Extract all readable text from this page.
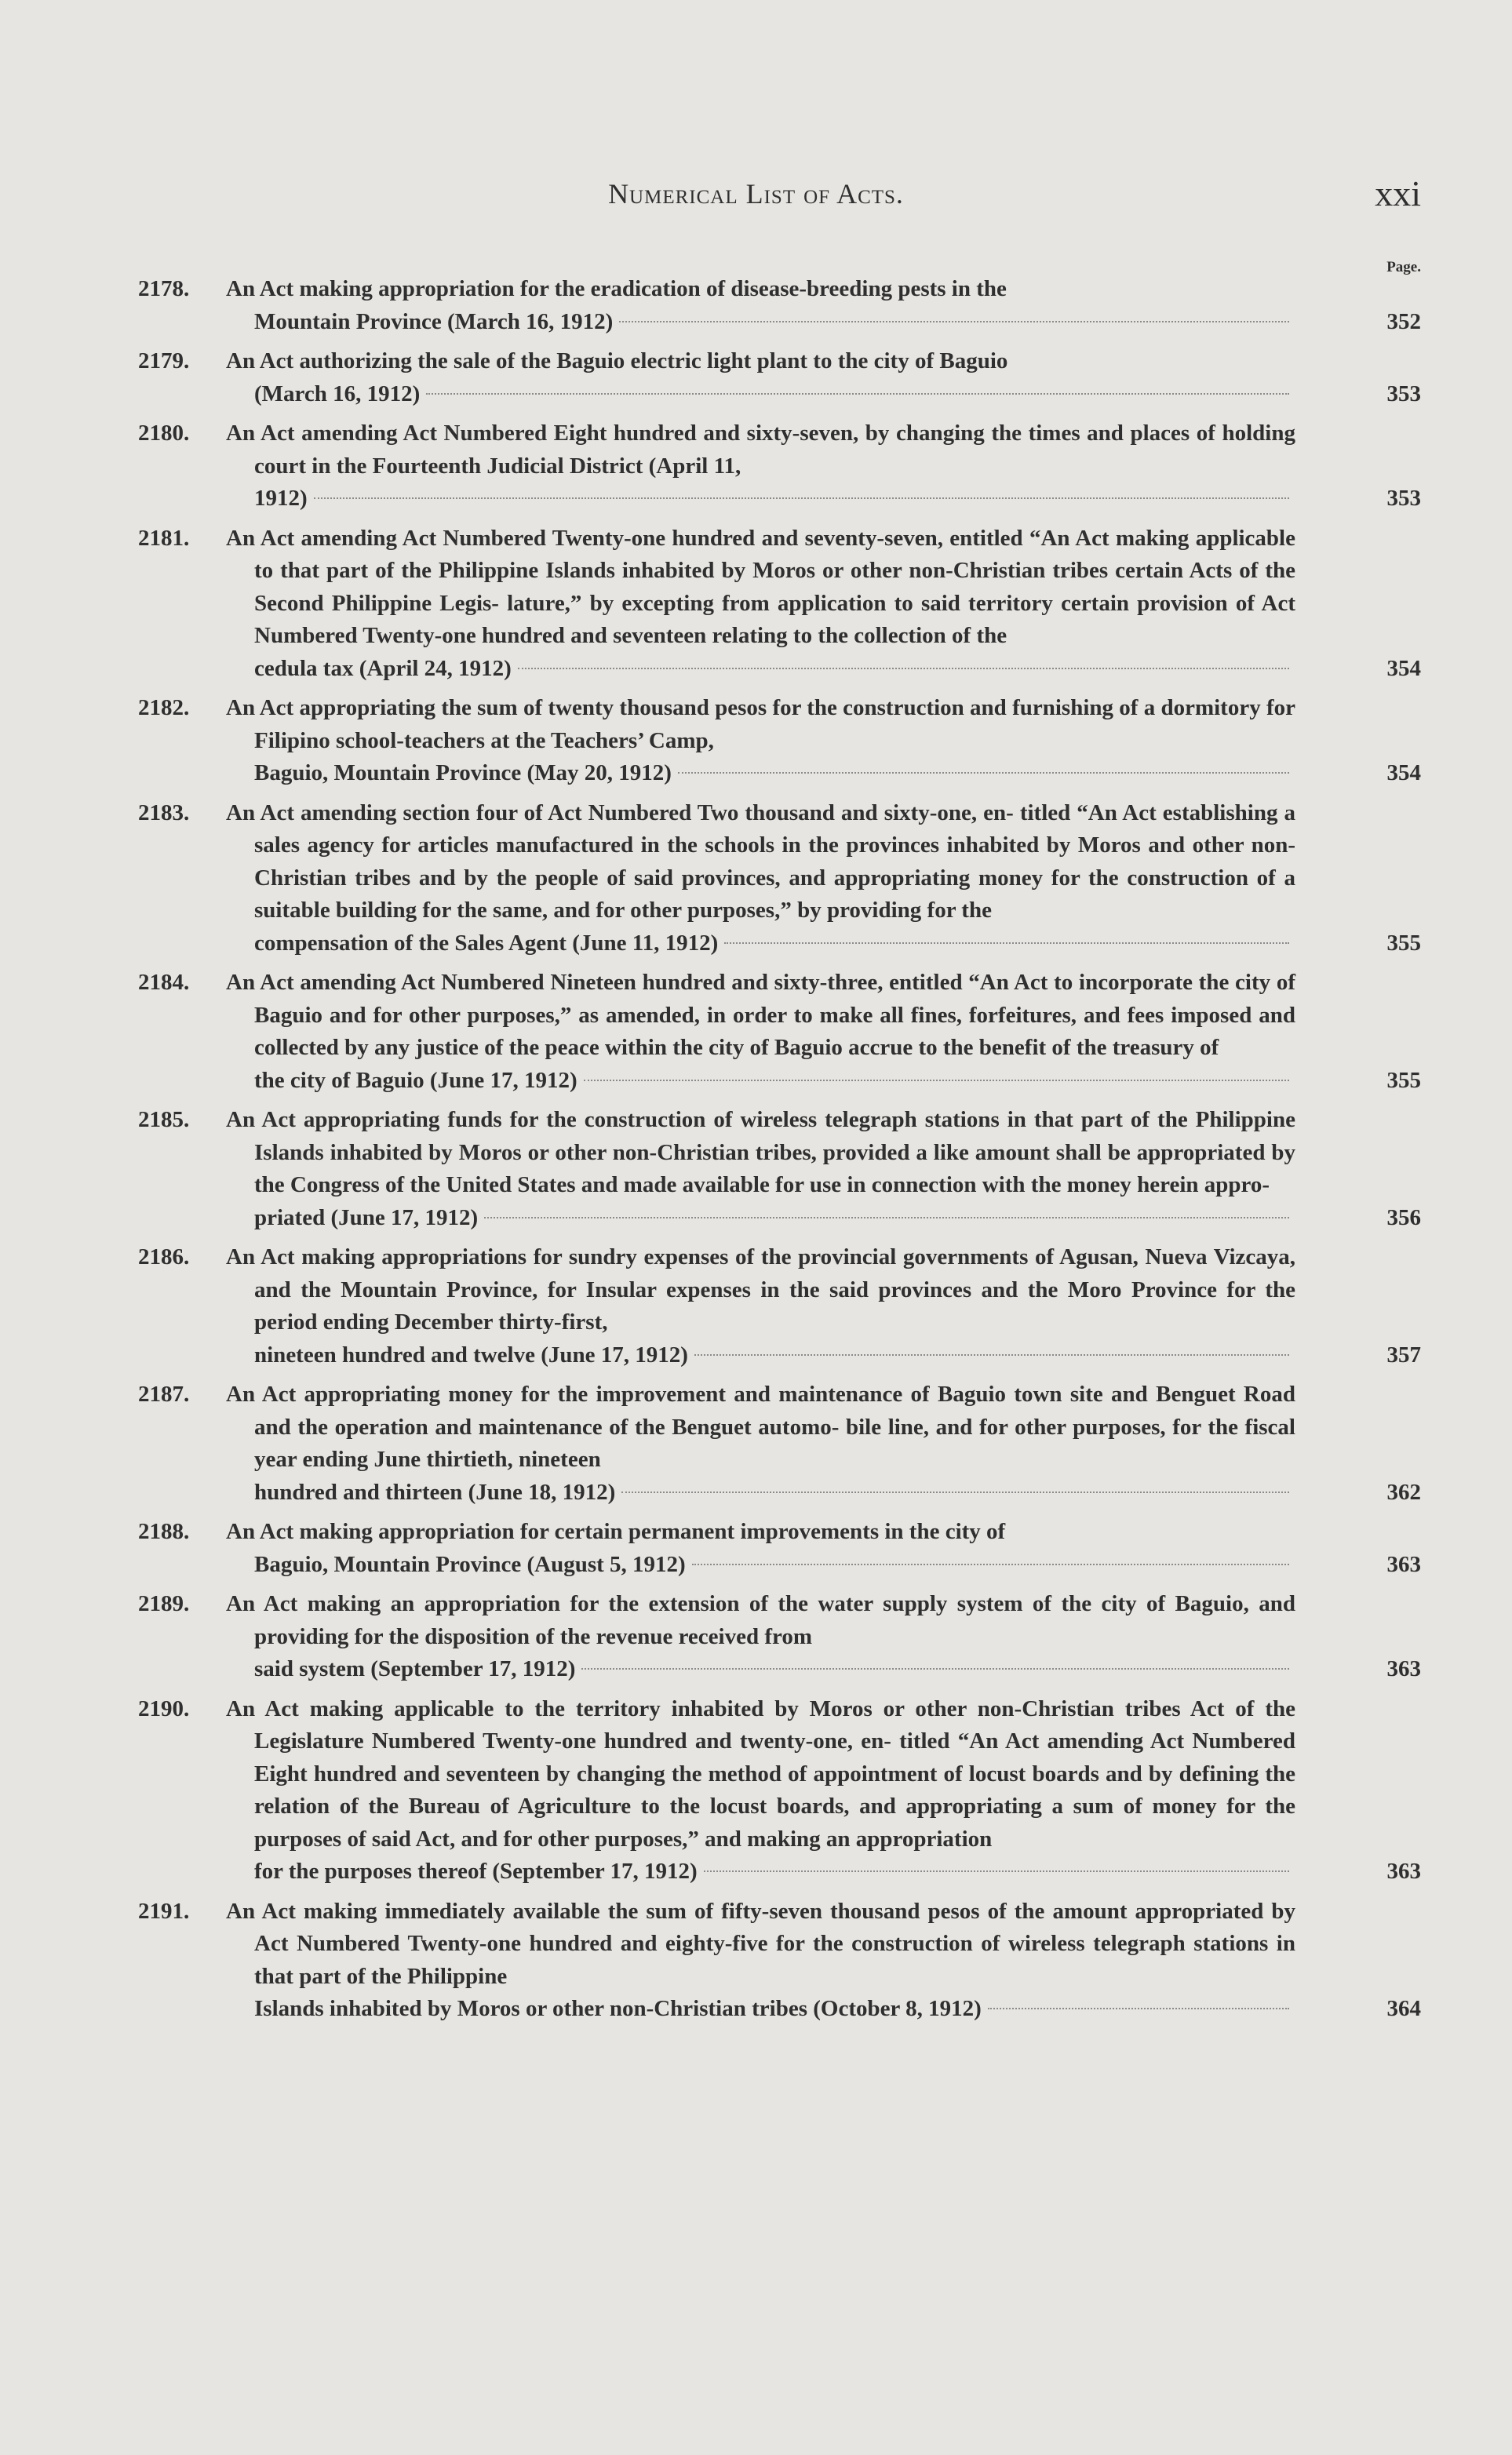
Numerical List of Acts.	xxi
Page.
2178.	An Act making appropriation for the eradication of disease-breeding pests in the

Mountain Province (March 16, 1912)	352
2179.	An Act authorizing the sale of the Baguio electric light plant to the city of Baguio

(March 16, 1912)	353
2180.	An Act amending Act Numbered Eight hundred and sixty-seven, by changing the times and places of holding court in the Fourteenth Judicial District (April 11,

1912)	353
2181.	An Act amending Act Numbered Twenty-one hundred and seventy-seven, entitled “An Act making applicable to that part of the Philippine Islands inhabited by Moros or other non-Christian tribes certain Acts of the Second Philippine Legis- lature,” by excepting from application to said territory certain provision of Act Numbered Twenty-one hundred and seventeen relating to the collection of the

cedula tax (April 24, 1912)	354
2182.	An Act appropriating the sum of twenty thousand pesos for the construction and furnishing of a dormitory for Filipino school-teachers at the Teachers’ Camp,

Baguio, Mountain Province (May 20, 1912)	354
2183.	An Act amending section four of Act Numbered Two thousand and sixty-one, en- titled “An Act establishing a sales agency for articles manufactured in the schools in the provinces inhabited by Moros and other non-Christian tribes and by the people of said provinces, and appropriating money for the construction of a suitable building for the same, and for other purposes,” by providing for the

compensation of the Sales Agent (June 11, 1912)	355
2184.	An Act amending Act Numbered Nineteen hundred and sixty-three, entitled “An Act to incorporate the city of Baguio and for other purposes,” as amended, in order to make all fines, forfeitures, and fees imposed and collected by any justice of the peace within the city of Baguio accrue to the benefit of the treasury of

the city of Baguio (June 17, 1912)	355
2185.	An Act appropriating funds for the construction of wireless telegraph stations in that part of the Philippine Islands inhabited by Moros or other non-Christian tribes, provided a like amount shall be appropriated by the Congress of the United States and made available for use in connection with the money herein appro-

priated (June 17, 1912)	356
2186.	An Act making appropriations for sundry expenses of the provincial governments of Agusan, Nueva Vizcaya, and the Mountain Province, for Insular expenses in the said provinces and the Moro Province for the period ending December thirty-first,

nineteen hundred and twelve (June 17, 1912)	357
2187.	An Act appropriating money for the improvement and maintenance of Baguio town site and Benguet Road and the operation and maintenance of the Benguet automo- bile line, and for other purposes, for the fiscal year ending June thirtieth, nineteen

hundred and thirteen (June 18, 1912)	362
2188.	An Act making appropriation for certain permanent improvements in the city of

Baguio, Mountain Province (August 5, 1912)	363
2189.	An Act making an appropriation for the extension of the water supply system of the city of Baguio, and providing for the disposition of the revenue received from

said system (September 17, 1912)	363
2190.	An Act making applicable to the territory inhabited by Moros or other non-Christian tribes Act of the Legislature Numbered Twenty-one hundred and twenty-one, en- titled “An Act amending Act Numbered Eight hundred and seventeen by changing the method of appointment of locust boards and by defining the relation of the Bureau of Agriculture to the locust boards, and appropriating a sum of money for the purposes of said Act, and for other purposes,” and making an appropriation

for the purposes thereof (September 17, 1912)	363
2191.	An Act making immediately available the sum of fifty-seven thousand pesos of the amount appropriated by Act Numbered Twenty-one hundred and eighty-five for the construction of wireless telegraph stations in that part of the Philippine

Islands inhabited by Moros or other non-Christian tribes (October 8, 1912)	364
